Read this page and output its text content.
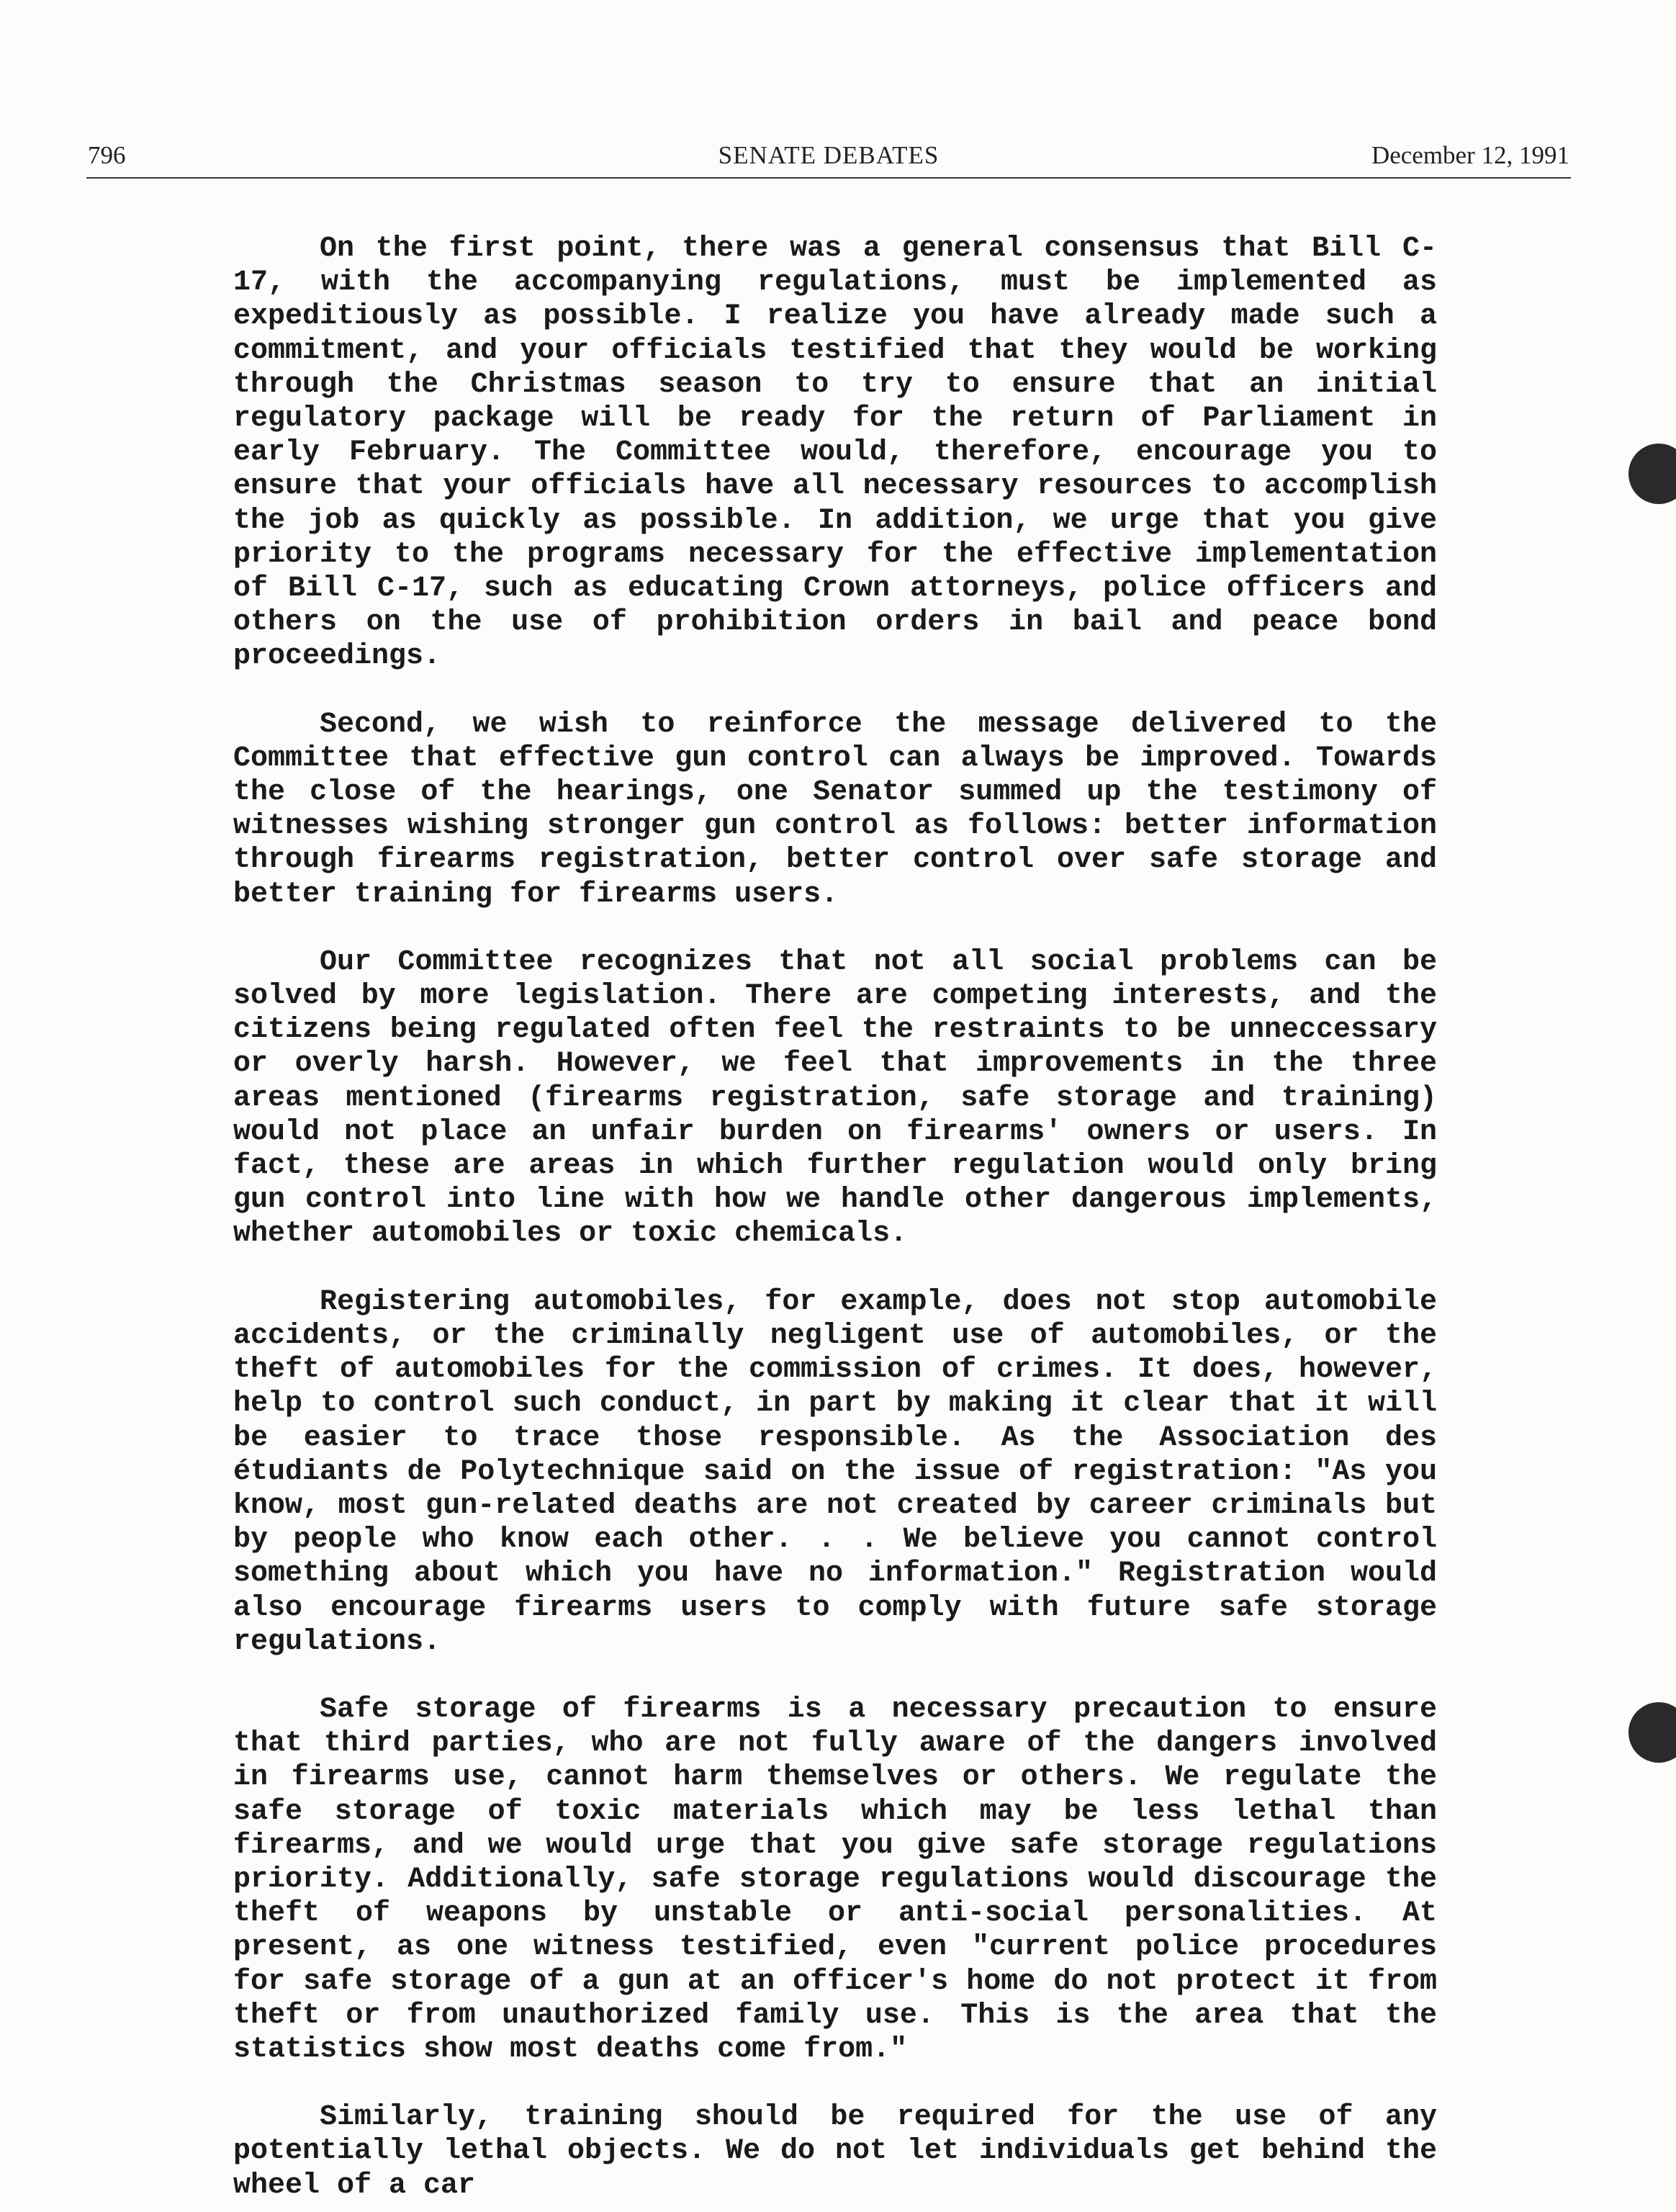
796	SENATE DEBATES	December 12, 1991

On the first point, there was a general consensus that Bill C-17, with the accompanying regulations, must be implemented as expeditiously as possible. I realize you have already made such a commitment, and your officials testified that they would be working through the Christmas season to try to ensure that an initial regulatory package will be ready for the return of Parliament in early February. The Committee would, therefore, encourage you to ensure that your officials have all necessary resources to accomplish the job as quickly as possible. In addition, we urge that you give priority to the programs necessary for the effective implementation of Bill C-17, such as educating Crown attorneys, police officers and others on the use of prohibition orders in bail and peace bond proceedings.

Second, we wish to reinforce the message delivered to the Committee that effective gun control can always be improved. Towards the close of the hearings, one Senator summed up the testimony of witnesses wishing stronger gun control as follows: better information through firearms registration, better control over safe storage and better training for firearms users.

Our Committee recognizes that not all social problems can be solved by more legislation. There are competing interests, and the citizens being regulated often feel the restraints to be unneccessary or overly harsh. However, we feel that improvements in the three areas mentioned (firearms registration, safe storage and training) would not place an unfair burden on firearms' owners or users. In fact, these are areas in which further regulation would only bring gun control into line with how we handle other dangerous implements, whether automobiles or toxic chemicals.

Registering automobiles, for example, does not stop automobile accidents, or the criminally negligent use of automobiles, or the theft of automobiles for the commission of crimes. It does, however, help to control such conduct, in part by making it clear that it will be easier to trace those responsible. As the Association des étudiants de Polytechnique said on the issue of registration: "As you know, most gun-related deaths are not created by career criminals but by people who know each other. . . We believe you cannot control something about which you have no information." Registration would also encourage firearms users to comply with future safe storage regulations.

Safe storage of firearms is a necessary precaution to ensure that third parties, who are not fully aware of the dangers involved in firearms use, cannot harm themselves or others. We regulate the safe storage of toxic materials which may be less lethal than firearms, and we would urge that you give safe storage regulations priority. Additionally, safe storage regulations would discourage the theft of weapons by unstable or anti-social personalities. At present, as one witness testified, even "current police procedures for safe storage of a gun at an officer's home do not protect it from theft or from unauthorized family use. This is the area that the statistics show most deaths come from."

Similarly, training should be required for the use of any potentially lethal objects. We do not let individuals get behind the wheel of a car
